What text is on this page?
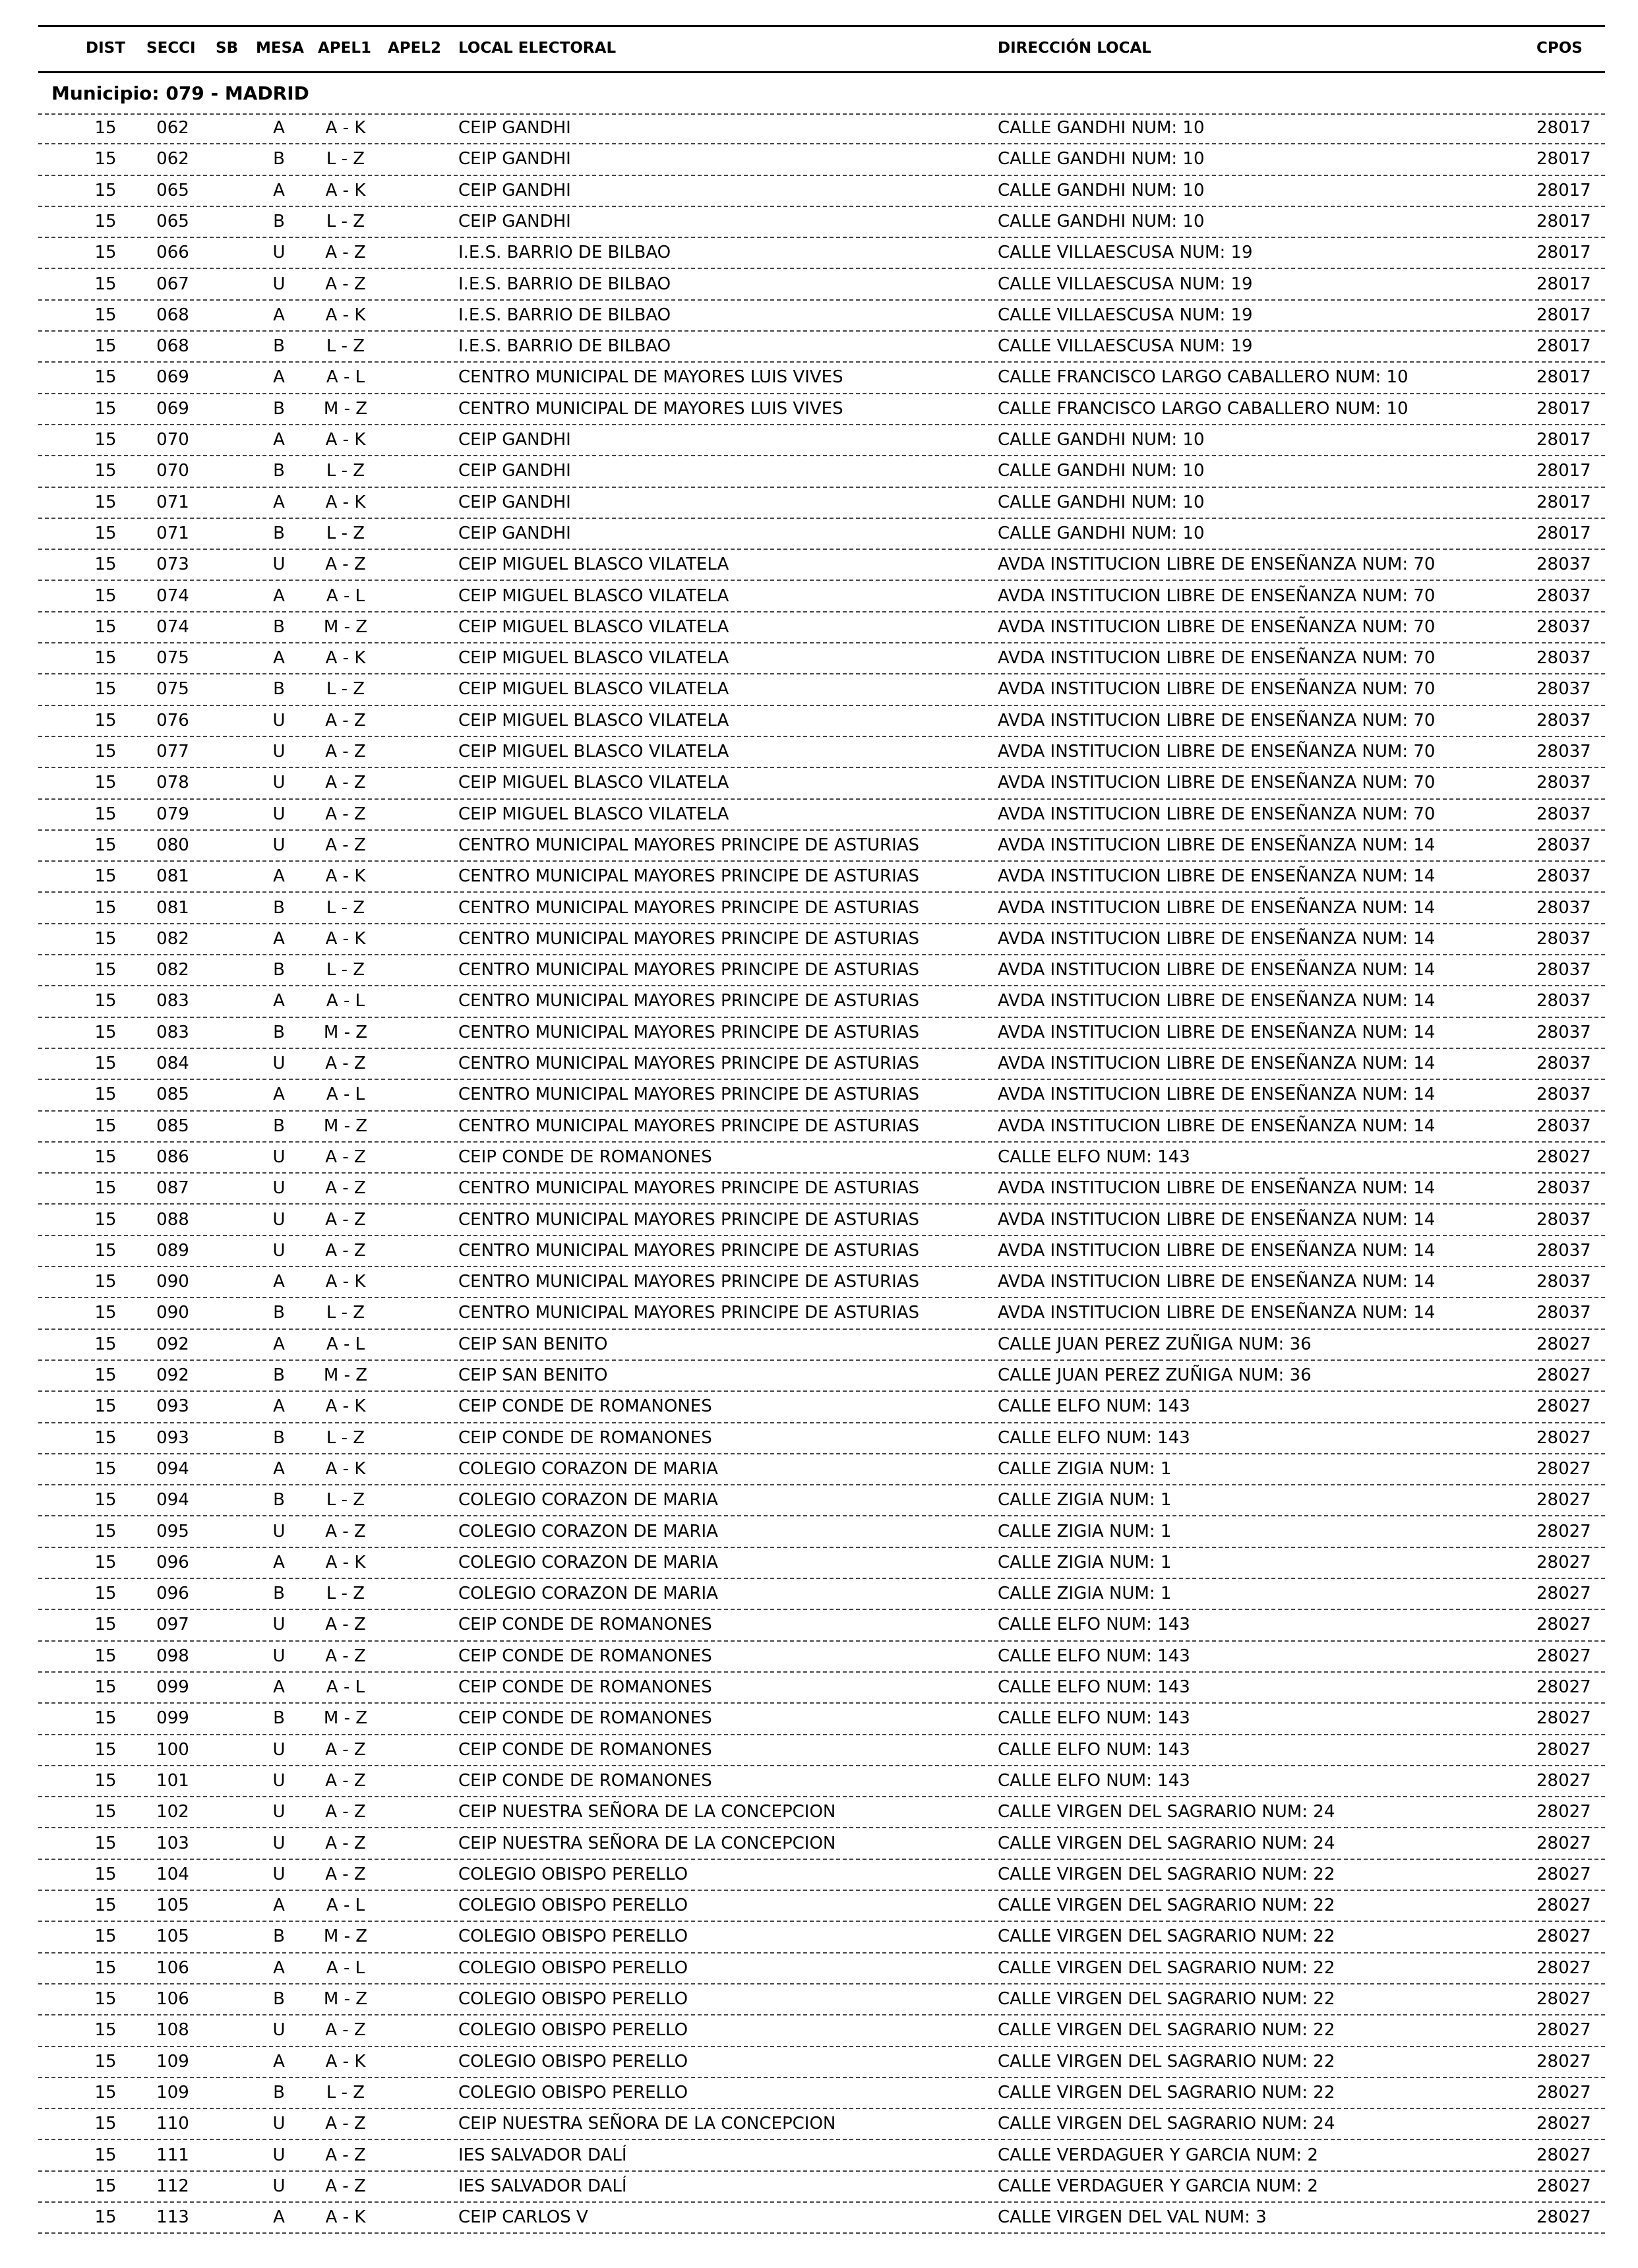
DIST SECCI SB MESA APEL1 APEL2 LOCAL ELECTORAL	DIRECCIÓN LOCAL	CPOS
Municipio: 079 - MADRID
15 062	A	A - K	CEIP GANDHI	CALLE GANDHI NUM: 10	28017
15 062	B	L - Z	CEIP GANDHI	CALLE GANDHI NUM: 10	28017
15 065	A	A - K	CEIP GANDHI	CALLE GANDHI NUM: 10	28017
15 065	B	L - Z	CEIP GANDHI	CALLE GANDHI NUM: 10	28017
15 066	U	A - Z	I.E.S. BARRIO DE BILBAO	CALLE VILLAESCUSA NUM: 19	28017
15 067	U	A - Z	I.E.S. BARRIO DE BILBAO	CALLE VILLAESCUSA NUM: 19	28017
15 068	A	A - K	I.E.S. BARRIO DE BILBAO	CALLE VILLAESCUSA NUM: 19	28017
15 068	B	L - Z	I.E.S. BARRIO DE BILBAO	CALLE VILLAESCUSA NUM: 19	28017
15 069	A	A - L	CENTRO MUNICIPAL DE MAYORES LUIS VIVES	CALLE FRANCISCO LARGO CABALLERO NUM: 10	28017
15 069	B M - Z	CENTRO MUNICIPAL DE MAYORES LUIS VIVES	CALLE FRANCISCO LARGO CABALLERO NUM: 10	28017
15 070	A	A - K	CEIP GANDHI	CALLE GANDHI NUM: 10	28017
15 070	B	L - Z	CEIP GANDHI	CALLE GANDHI NUM: 10	28017
15 071	A	A - K	CEIP GANDHI	CALLE GANDHI NUM: 10	28017
15 071	B	L - Z	CEIP GANDHI	CALLE GANDHI NUM: 10	28017
15 073	U	A - Z	CEIP MIGUEL BLASCO VILATELA	AVDA INSTITUCION LIBRE DE ENSEÑANZA NUM: 70	28037
15 074	A	A - L	CEIP MIGUEL BLASCO VILATELA	AVDA INSTITUCION LIBRE DE ENSEÑANZA NUM: 70	28037
15 074	B M - Z	CEIP MIGUEL BLASCO VILATELA	AVDA INSTITUCION LIBRE DE ENSEÑANZA NUM: 70	28037
15 075	A	A - K	CEIP MIGUEL BLASCO VILATELA	AVDA INSTITUCION LIBRE DE ENSEÑANZA NUM: 70	28037
15 075	B	L - Z	CEIP MIGUEL BLASCO VILATELA	AVDA INSTITUCION LIBRE DE ENSEÑANZA NUM: 70	28037
15 076	U	A - Z	CEIP MIGUEL BLASCO VILATELA	AVDA INSTITUCION LIBRE DE ENSEÑANZA NUM: 70	28037
15 077	U	A - Z	CEIP MIGUEL BLASCO VILATELA	AVDA INSTITUCION LIBRE DE ENSEÑANZA NUM: 70	28037
15 078	U	A - Z	CEIP MIGUEL BLASCO VILATELA	AVDA INSTITUCION LIBRE DE ENSEÑANZA NUM: 70	28037
15 079	U	A - Z	CEIP MIGUEL BLASCO VILATELA	AVDA INSTITUCION LIBRE DE ENSEÑANZA NUM: 70	28037
15 080	U	A - Z	CENTRO MUNICIPAL MAYORES PRINCIPE DE ASTURIAS	AVDA INSTITUCION LIBRE DE ENSEÑANZA NUM: 14	28037
15 081	A	A - K	CENTRO MUNICIPAL MAYORES PRINCIPE DE ASTURIAS	AVDA INSTITUCION LIBRE DE ENSEÑANZA NUM: 14	28037
15 081	B	L - Z	CENTRO MUNICIPAL MAYORES PRINCIPE DE ASTURIAS	AVDA INSTITUCION LIBRE DE ENSEÑANZA NUM: 14	28037
15 082	A	A - K	CENTRO MUNICIPAL MAYORES PRINCIPE DE ASTURIAS	AVDA INSTITUCION LIBRE DE ENSEÑANZA NUM: 14	28037
15 082	B	L - Z	CENTRO MUNICIPAL MAYORES PRINCIPE DE ASTURIAS	AVDA INSTITUCION LIBRE DE ENSEÑANZA NUM: 14	28037
15 083	A	A - L	CENTRO MUNICIPAL MAYORES PRINCIPE DE ASTURIAS	AVDA INSTITUCION LIBRE DE ENSEÑANZA NUM: 14	28037
15 083	B M - Z	CENTRO MUNICIPAL MAYORES PRINCIPE DE ASTURIAS	AVDA INSTITUCION LIBRE DE ENSEÑANZA NUM: 14	28037
15 084	U	A - Z	CENTRO MUNICIPAL MAYORES PRINCIPE DE ASTURIAS	AVDA INSTITUCION LIBRE DE ENSEÑANZA NUM: 14	28037
15 085	A	A - L	CENTRO MUNICIPAL MAYORES PRINCIPE DE ASTURIAS	AVDA INSTITUCION LIBRE DE ENSEÑANZA NUM: 14	28037
15 085	B M - Z	CENTRO MUNICIPAL MAYORES PRINCIPE DE ASTURIAS	AVDA INSTITUCION LIBRE DE ENSEÑANZA NUM: 14	28037
15 086	U	A - Z	CEIP CONDE DE ROMANONES	CALLE ELFO NUM: 143	28027
15 087	U	A - Z	CENTRO MUNICIPAL MAYORES PRINCIPE DE ASTURIAS	AVDA INSTITUCION LIBRE DE ENSEÑANZA NUM: 14	28037
15 088	U	A - Z	CENTRO MUNICIPAL MAYORES PRINCIPE DE ASTURIAS	AVDA INSTITUCION LIBRE DE ENSEÑANZA NUM: 14	28037
15 089	U	A - Z	CENTRO MUNICIPAL MAYORES PRINCIPE DE ASTURIAS	AVDA INSTITUCION LIBRE DE ENSEÑANZA NUM: 14	28037
15 090	A	A - K	CENTRO MUNICIPAL MAYORES PRINCIPE DE ASTURIAS	AVDA INSTITUCION LIBRE DE ENSEÑANZA NUM: 14	28037
15 090	B	L - Z	CENTRO MUNICIPAL MAYORES PRINCIPE DE ASTURIAS	AVDA INSTITUCION LIBRE DE ENSEÑANZA NUM: 14	28037
15 092	A	A - L	CEIP SAN BENITO	CALLE JUAN PEREZ ZUÑIGA NUM: 36	28027
15 092	B M - Z	CEIP SAN BENITO	CALLE JUAN PEREZ ZUÑIGA NUM: 36	28027
15 093	A	A - K	CEIP CONDE DE ROMANONES	CALLE ELFO NUM: 143	28027
15 093	B	L - Z	CEIP CONDE DE ROMANONES	CALLE ELFO NUM: 143	28027
15 094	A	A - K	COLEGIO CORAZON DE MARIA	CALLE ZIGIA NUM: 1	28027
15 094	B	L - Z	COLEGIO CORAZON DE MARIA	CALLE ZIGIA NUM: 1	28027
15 095	U	A - Z	COLEGIO CORAZON DE MARIA	CALLE ZIGIA NUM: 1	28027
15 096	A	A - K	COLEGIO CORAZON DE MARIA	CALLE ZIGIA NUM: 1	28027
15 096	B	L - Z	COLEGIO CORAZON DE MARIA	CALLE ZIGIA NUM: 1	28027
15 097	U	A - Z	CEIP CONDE DE ROMANONES	CALLE ELFO NUM: 143	28027
15 098	U	A - Z	CEIP CONDE DE ROMANONES	CALLE ELFO NUM: 143	28027
15 099	A	A - L	CEIP CONDE DE ROMANONES	CALLE ELFO NUM: 143	28027
15 099	B M - Z	CEIP CONDE DE ROMANONES	CALLE ELFO NUM: 143	28027
15 100	U	A - Z	CEIP CONDE DE ROMANONES	CALLE ELFO NUM: 143	28027
15 101	U	A - Z	CEIP CONDE DE ROMANONES	CALLE ELFO NUM: 143	28027
15 102	U	A - Z	CEIP NUESTRA SEÑORA DE LA CONCEPCION	CALLE VIRGEN DEL SAGRARIO NUM: 24	28027
15 103	U	A - Z	CEIP NUESTRA SEÑORA DE LA CONCEPCION	CALLE VIRGEN DEL SAGRARIO NUM: 24	28027
15 104	U	A - Z	COLEGIO OBISPO PERELLO	CALLE VIRGEN DEL SAGRARIO NUM: 22	28027
15 105	A	A - L	COLEGIO OBISPO PERELLO	CALLE VIRGEN DEL SAGRARIO NUM: 22	28027
15 105	B M - Z	COLEGIO OBISPO PERELLO	CALLE VIRGEN DEL SAGRARIO NUM: 22	28027
15 106	A	A - L	COLEGIO OBISPO PERELLO	CALLE VIRGEN DEL SAGRARIO NUM: 22	28027
15 106	B M - Z	COLEGIO OBISPO PERELLO	CALLE VIRGEN DEL SAGRARIO NUM: 22	28027
15 108	U	A - Z	COLEGIO OBISPO PERELLO	CALLE VIRGEN DEL SAGRARIO NUM: 22	28027
15 109	A	A - K	COLEGIO OBISPO PERELLO	CALLE VIRGEN DEL SAGRARIO NUM: 22	28027
15 109	B	L - Z	COLEGIO OBISPO PERELLO	CALLE VIRGEN DEL SAGRARIO NUM: 22	28027
15 110	U	A - Z	CEIP NUESTRA SEÑORA DE LA CONCEPCION	CALLE VIRGEN DEL SAGRARIO NUM: 24	28027
15 111	U	A - Z	IES SALVADOR DALÍ	CALLE VERDAGUER Y GARCIA NUM: 2	28027
15 112	U	A - Z	IES SALVADOR DALÍ	CALLE VERDAGUER Y GARCIA NUM: 2	28027
15 113	A	A - K	CEIP CARLOS V	CALLE VIRGEN DEL VAL NUM: 3	28027
